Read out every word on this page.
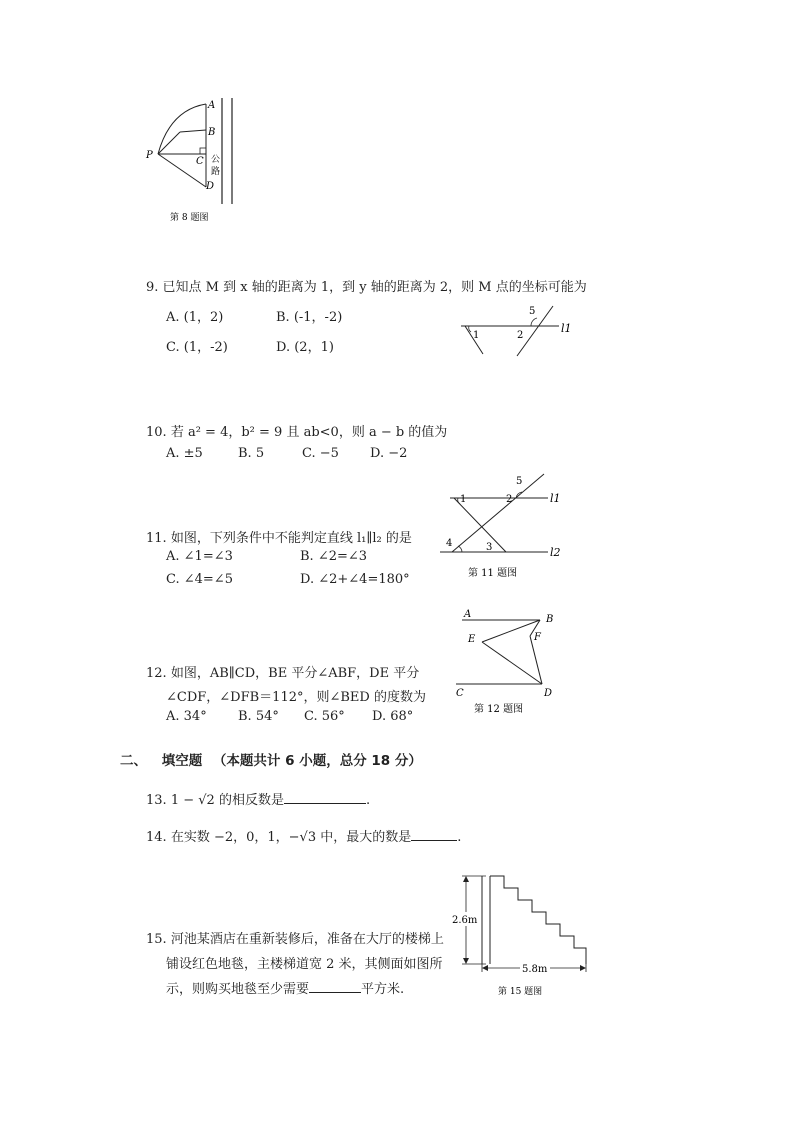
A
B
C
D
P	公
路
第 8 题图
9. 已知点 M 到 x 轴的距离为 1，到 y 轴的距离为 2，则 M 点的坐标可能为
A. (1，2)	B. (-1，-2)
C. (1，-2)	D. (2，1)
1	2
5
l1
10. 若 a² = 4，b² = 9 且 ab<0，则 a − b 的值为
A. ±5	B. 5	C. −5 D. −2
1	2
5
4	3
l1
l2
第 11 题图
11. 如图，下列条件中不能判定直线 l₁∥l₂ 的是
A. ∠1=∠3	B. ∠2=∠3
C. ∠4=∠5	D. ∠2+∠4=180°
A	B
E	F
C	D
第 12 题图
12. 如图，AB∥CD，BE 平分∠ABF，DE 平分
∠CDF，∠DFB＝112°，则∠BED 的度数为
A. 34° B. 54° C. 56° D. 68°
二、 填空题 （本题共计 6 小题，总分 18 分）
13. 1 − √2 的相反数是	.
14. 在实数 −2，0，1，−√3 中，最大的数是	.
15. 河池某酒店在重新装修后，准备在大厅的楼梯上
铺设红色地毯，主楼梯道宽 2 米，其侧面如图所
示，则购买地毯至少需要	平方米.
2.6m
5.8m
第 15 题图
